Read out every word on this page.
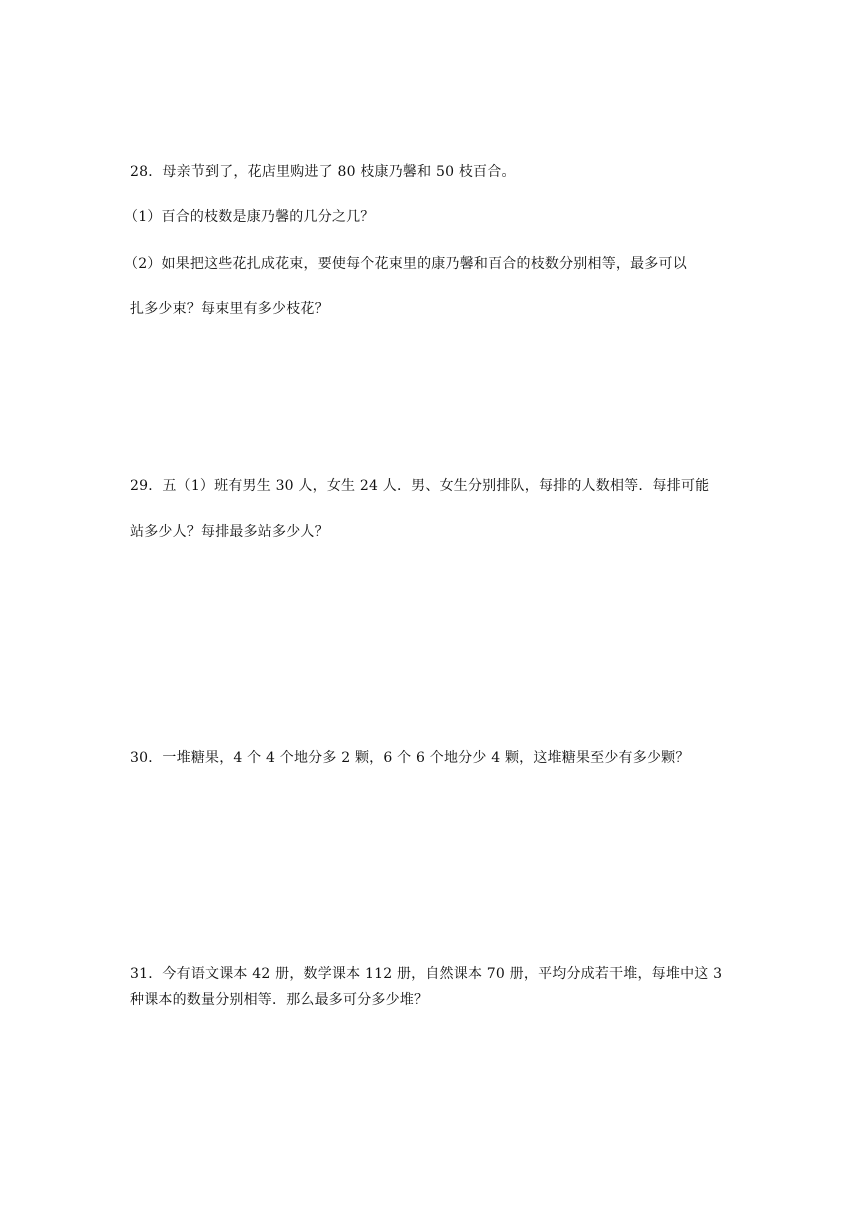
28．母亲节到了，花店里购进了 80 枝康乃馨和 50 枝百合。
（1）百合的枝数是康乃馨的几分之几？
（2）如果把这些花扎成花束，要使每个花束里的康乃馨和百合的枝数分别相等，最多可以
扎多少束？每束里有多少枝花？
29．五（1）班有男生 30 人，女生 24 人．男、女生分别排队，每排的人数相等．每排可能
站多少人？每排最多站多少人？
30．一堆糖果，4 个 4 个地分多 2 颗，6 个 6 个地分少 4 颗，这堆糖果至少有多少颗？
31．今有语文课本 42 册，数学课本 112 册，自然课本 70 册，平均分成若干堆，每堆中这 3
种课本的数量分别相等．那么最多可分多少堆？
